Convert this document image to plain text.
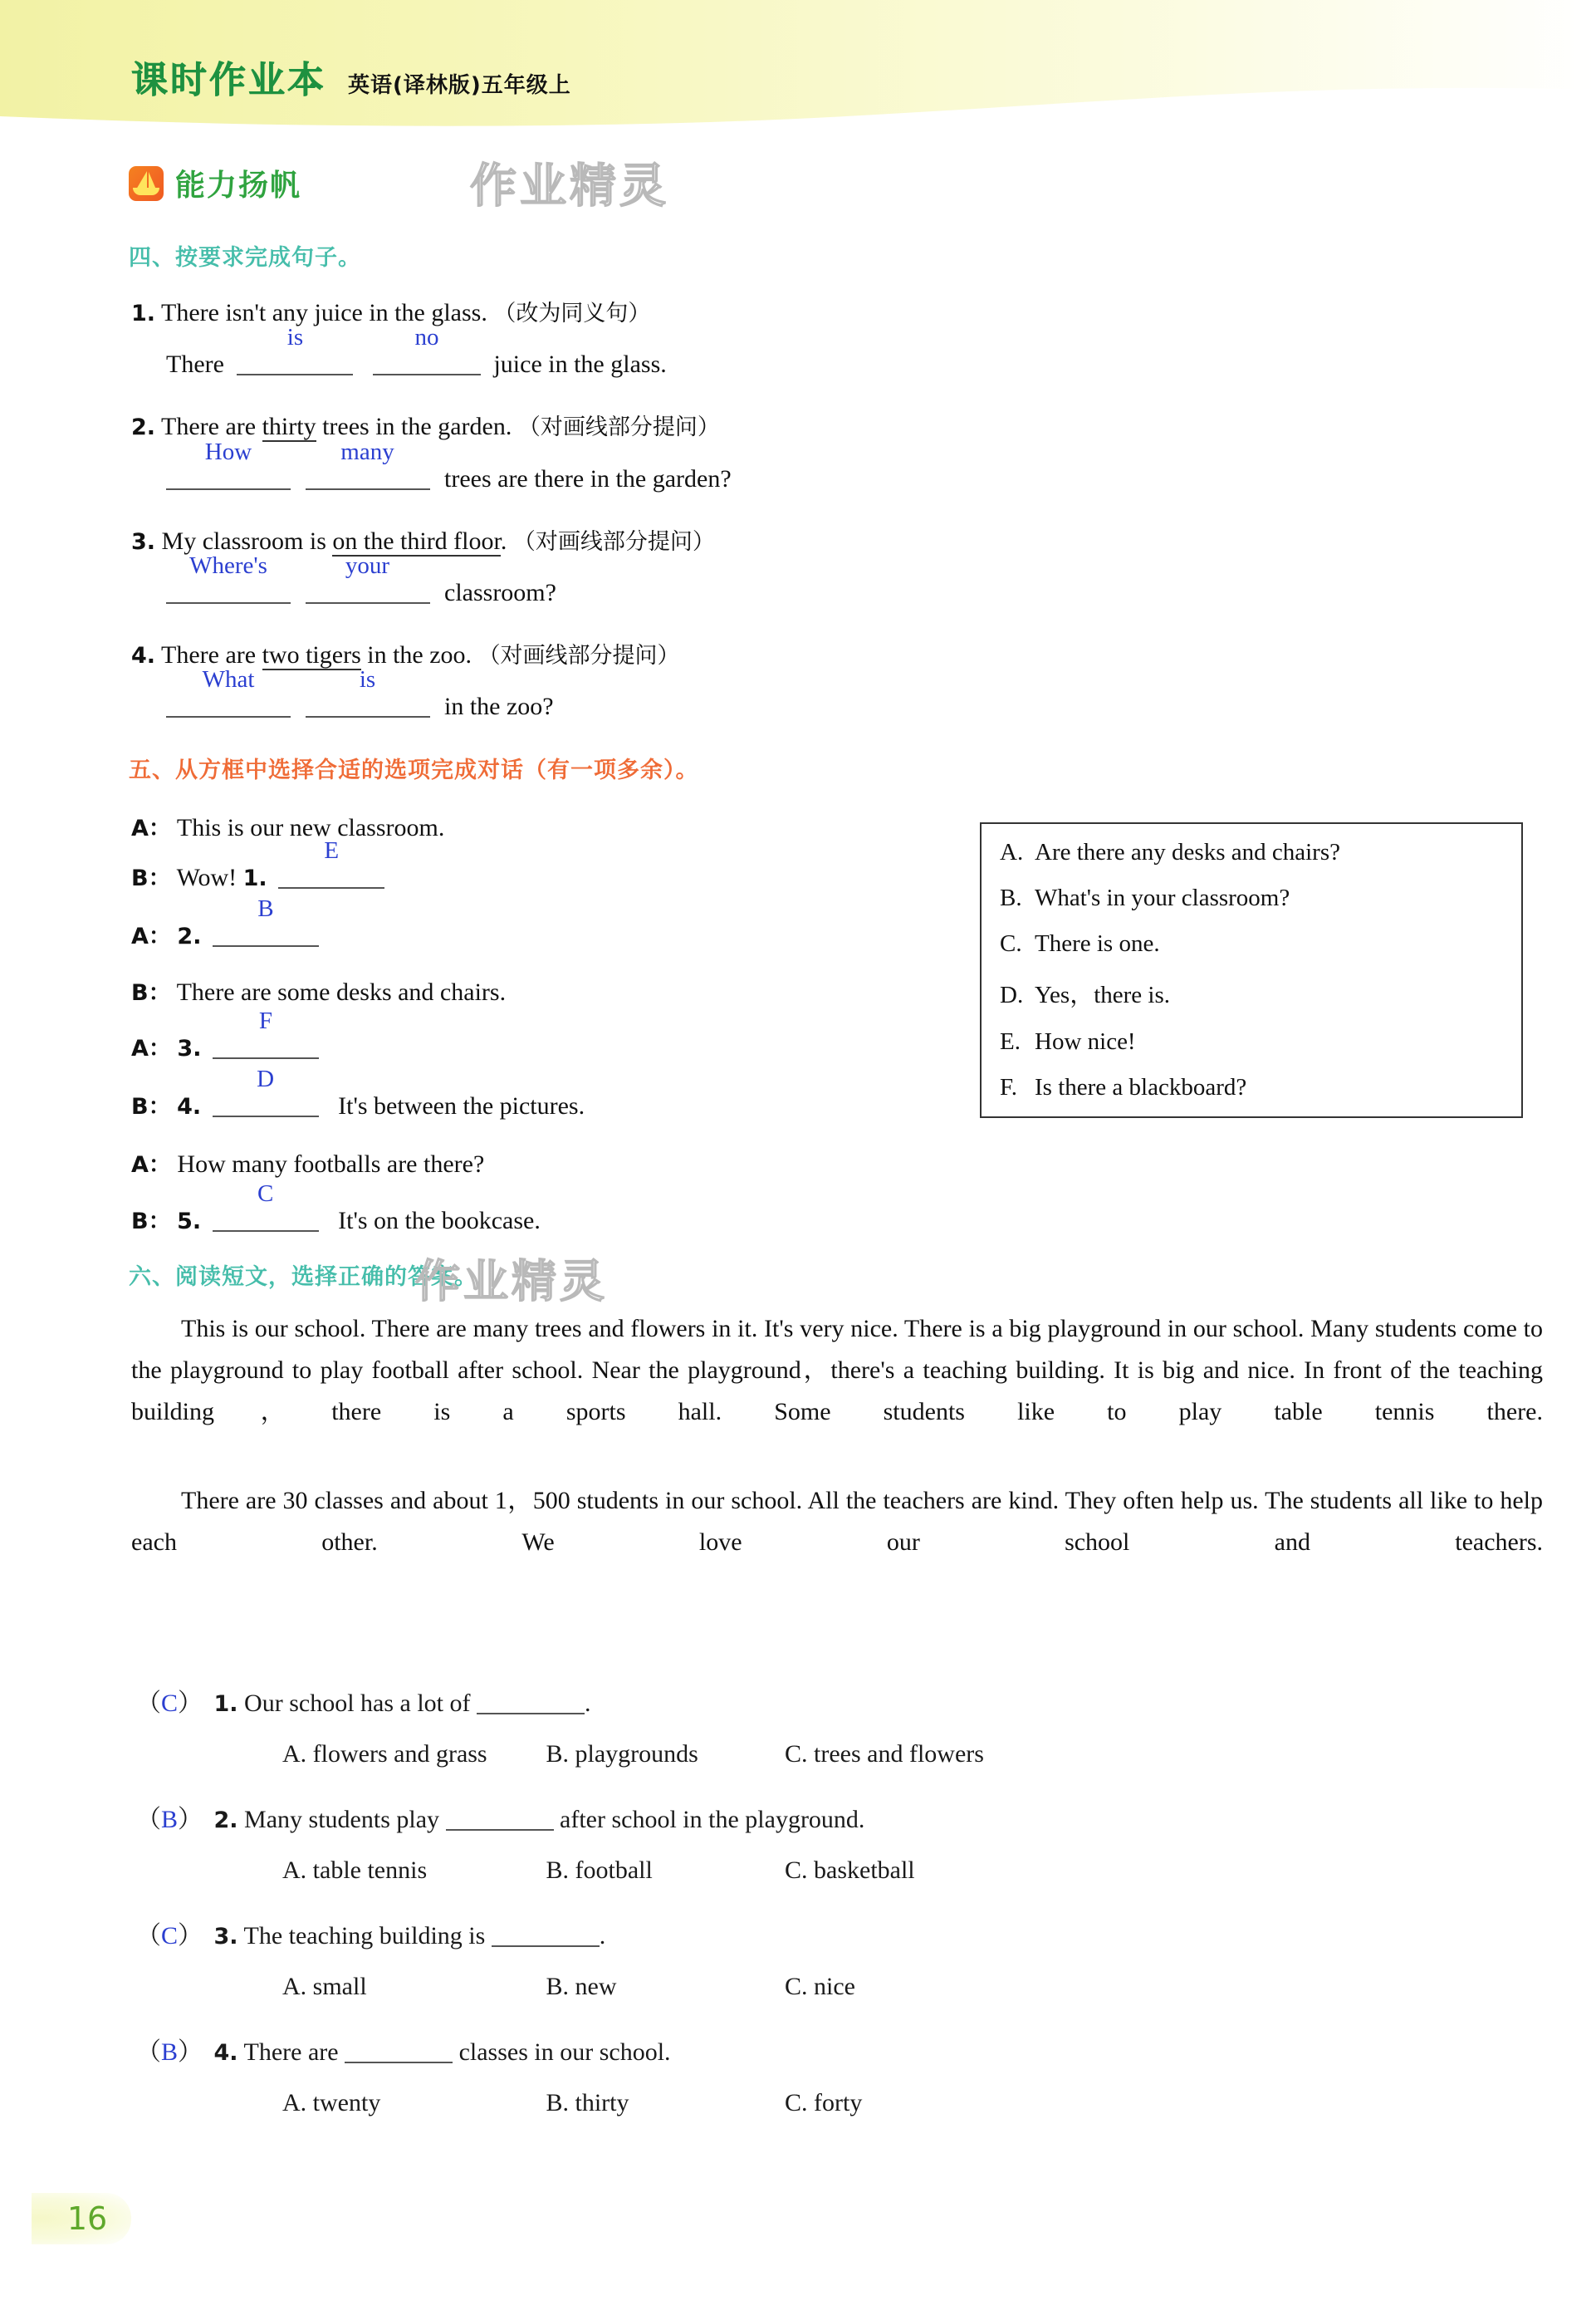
课时作业本 英语(译林版)五年级上
能力扬帆	作业精灵
四、按要求完成句子。
1. There isn't any juice in the glass. （改为同义句）
There
is
	no
juice in the glass.
2. There are thirty trees in the garden. （对画线部分提问）
How
	many
trees are there in the garden?
3. My classroom is on the third floor. （对画线部分提问）
Where's
	your
classroom?
4. There are two tigers in the zoo. （对画线部分提问）
What
	is
in the zoo?
五、从方框中选择合适的选项完成对话（有一项多余）。
A： This is our new classroom.
B： Wow! 1.
E
A： 2.
B
B： There are some desks and chairs.
A： 3.
F
B： 4.
D
It's between the pictures.
A： How many footballs are there?
B： 5.
C
It's on the bookcase.
A. Are there any desks and chairs?
B. What's in your classroom?
C. There is one.
D. Yes，there is.
E. How nice!
F. Is there a blackboard?
六、阅读短文，选择正确的答案。
作业精灵
This is our school. There are many trees and flowers in it. It's very nice. There is a big playground in our school. Many students come to the playground to play football after school. Near the playground，there's a teaching building. It is big and nice. In front of the teaching building，there is a sports hall. Some students like to play table tennis there.
There are 30 classes and about 1，500 students in our school. All the teachers are kind. They often help us. The students all like to help each other. We love our school and teachers.
（C） 1. Our school has a lot of	.
A. flowers and grass B. playgrounds	C. trees and flowers
（B） 2. Many students play	after school in the playground.
A. table tennis	B. football	C. basketball
（C） 3. The teaching building is	.
A. small	B. new	C. nice
（B） 4. There are	classes in our school.
A. twenty	B. thirty	C. forty
16
